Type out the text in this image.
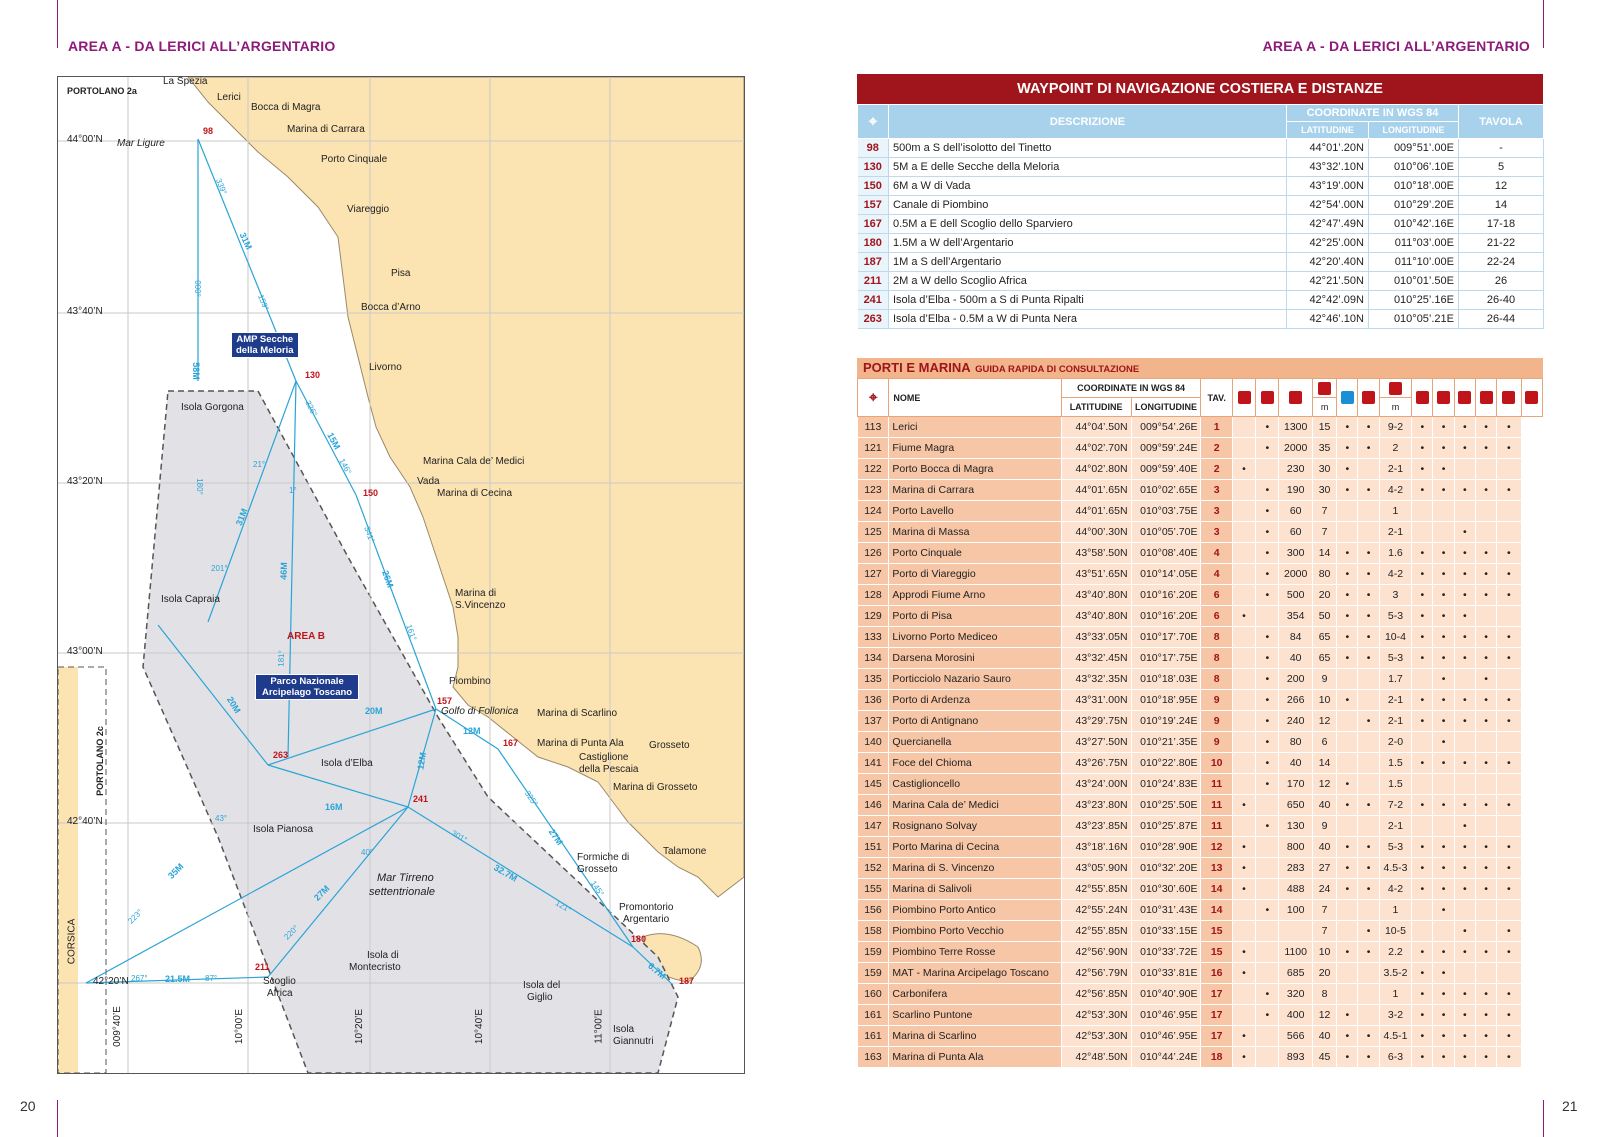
AREA A - DA LERICI ALL’ARGENTARIO	AREA A - DA LERICI ALL’ARGENTARIO
20	21
PORTOLANO 2a
PORTOLANO 2c
44°00’N
43°40’N
43°20’N
43°00’N
42°40’N
009°40’E	10°00’E	10°20’E	10°40’E	11°00’E
Mar Ligure
Mar Tirreno
settentrionale
AREA B
AMP Secche
della Meloria
Parco Nazionale
Arcipelago Toscano
La Spezia
Lerici
Bocca di Magra
Marina di Carrara
Porto Cinquale
Viareggio
Pisa
Bocca d’Arno
Livorno
Marina Cala de’ Medici
Vada
Marina di Cecina
Marina di
S.Vincenzo
Piombino
Golfo di Follonica Marina di Scarlino
Marina di Punta Ala
Castiglione
della Pescaia
Grosseto
Marina di Grosseto
Formiche di
Grosseto
Talamone
Promontorio
Argentario
Isola Gorgona
Isola Capraia
Isola d’Elba
Isola Pianosa
Isola di
Montecristo
Isola del
Giglio
Isola
Giannutri
Scoglio
Africa
CORSICA
42°20’N
98
130
150
157
167
263
241
211
180
187
31M
58M
15M
26M
31M
46M
20M	20M
12M
12M
16M
35M
27M
32.7M
27M
21.5M	6.7M
339°
159°
000°
326°
146°
341°
161°
21°
201°
180°
181°
1°
43°
223°
40°
220°
301°
121°
325°
145°
267°	87°
WAYPOINT DI NAVIGAZIONE COSTIERA E DISTANZE
⌖	DESCRIZIONE	COORDINATE IN WGS 84		TAVOLA
		LATITUDINE	LONGITUDINE	
98	500m a S dell’isolotto del Tinetto	44°01’.20N	009°51’.00E	-
130	5M a E delle Secche della Meloria	43°32’.10N	010°06’.10E	5
150	6M a W di Vada	43°19’.00N	010°18’.00E	12
157	Canale di Piombino	42°54’.00N	010°29’.20E	14
167	0.5M a E dell Scoglio dello Sparviero	42°47’.49N	010°42’.16E	17-18
180	1.5M a W dell’Argentario	42°25’.00N	011°03’.00E	21-22
187	1M a S dell’Argentario	42°20’.40N	011°10’.00E	22-24
211	2M a W dello Scoglio Africa	42°21’.50N	010°01’.50E	26
241	Isola d’Elba - 500m a S di Punta Ripalti	42°42’.09N	010°25’.16E	26-40
263	Isola d’Elba - 0.5M a W di Punta Nera	42°46’.10N	010°05’.21E	26-44
PORTI E MARINA GUIDA RAPIDA DI CONSULTAZIONE
⌖	NOME	COORDINATE IN WGS 84		TAV.													
		LATITUDINE	LONGITUDINE					m			m						
113	Lerici	44°04’.50N	009°54’.26E	1		•	1300	15	•	•	9-2	•	•	•	•	•	
121	Fiume Magra	44°02’.70N	009°59’.24E	2		•	2000	35	•	•	2	•	•	•	•	•	
122	Porto Bocca di Magra	44°02’.80N	009°59’.40E	2	•		230	30	•		2-1	•	•				
123	Marina di Carrara	44°01’.65N	010°02’.65E	3		•	190	30	•	•	4-2	•	•	•	•	•	
124	Porto Lavello	44°01’.65N	010°03’.75E	3		•	60	7			1						
125	Marina di Massa	44°00’.30N	010°05’.70E	3		•	60	7			2-1			•			
126	Porto Cinquale	43°58’.50N	010°08’.40E	4		•	300	14	•	•	1.6	•	•	•	•	•	
127	Porto di Viareggio	43°51’.65N	010°14’.05E	4		•	2000	80	•	•	4-2	•	•	•	•	•	
128	Approdi Fiume Arno	43°40’.80N	010°16’.20E	6		•	500	20	•	•	3	•	•	•	•	•	
129	Porto di Pisa	43°40’.80N	010°16’.20E	6	•		354	50	•	•	5-3	•	•	•			
133	Livorno Porto Mediceo	43°33’.05N	010°17’.70E	8		•	84	65	•	•	10-4	•	•	•	•	•	
134	Darsena Morosini	43°32’.45N	010°17’.75E	8		•	40	65	•	•	5-3	•	•	•	•	•	
135	Porticciolo Nazario Sauro	43°32’.35N	010°18’.03E	8		•	200	9			1.7		•		•		
136	Porto di Ardenza	43°31’.00N	010°18’.95E	9		•	266	10	•		2-1	•	•	•	•	•	
137	Porto di Antignano	43°29’.75N	010°19’.24E	9		•	240	12		•	2-1	•	•	•	•	•	
140	Quercianella	43°27’.50N	010°21’.35E	9		•	80	6			2-0		•				
141	Foce del Chioma	43°26’.75N	010°22’.80E	10		•	40	14			1.5	•	•	•	•	•	
145	Castiglioncello	43°24’.00N	010°24’.83E	11		•	170	12	•		1.5						
146	Marina Cala de’ Medici	43°23’.80N	010°25’.50E	11	•		650	40	•	•	7-2	•	•	•	•	•	
147	Rosignano Solvay	43°23’.85N	010°25’.87E	11		•	130	9			2-1			•			
151	Porto Marina di Cecina	43°18’.16N	010°28’.90E	12	•		800	40	•	•	5-3	•	•	•	•	•	
152	Marina di S. Vincenzo	43°05’.90N	010°32’.20E	13	•		283	27	•	•	4.5-3	•	•	•	•	•	
155	Marina di Salivoli	42°55’.85N	010°30’.60E	14	•		488	24	•	•	4-2	•	•	•	•	•	
156	Piombino Porto Antico	42°55’.24N	010°31’.43E	14		•	100	7			1		•				
158	Piombino Porto Vecchio	42°55’.85N	010°33’.15E	15				7		•	10-5			•		•	
159	Piombino Terre Rosse	42°56’.90N	010°33’.72E	15	•		1100	10	•	•	2.2	•	•	•	•	•	
159	MAT - Marina Arcipelago Toscano	42°56’.79N	010°33’.81E	16	•		685	20			3.5-2	•	•				
160	Carbonifera	42°56’.85N	010°40’.90E	17		•	320	8			1	•	•	•	•	•	
161	Scarlino Puntone	42°53’.30N	010°46’.95E	17		•	400	12	•		3-2	•	•	•	•	•	
161	Marina di Scarlino	42°53’.30N	010°46’.95E	17	•		566	40	•	•	4.5-1	•	•	•	•	•	
163	Marina di Punta Ala	42°48’.50N	010°44’.24E	18	•		893	45	•	•	6-3	•	•	•	•	•	
